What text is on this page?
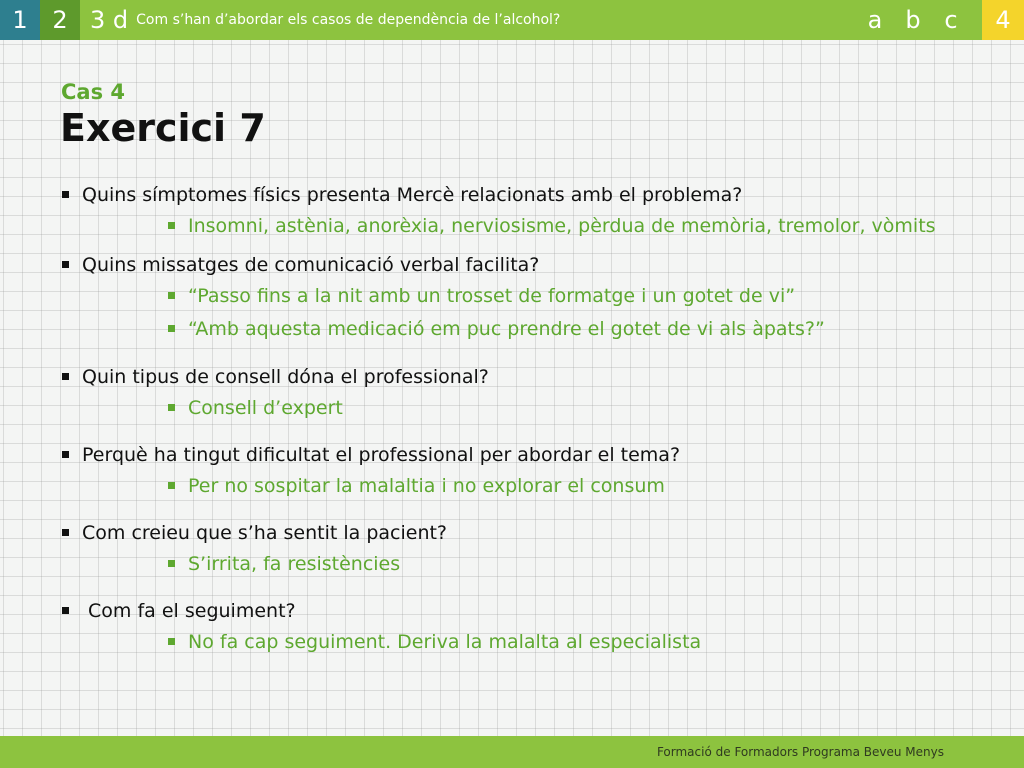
1	2 3 d Com s’han d’abordar els casos de dependència de l’alcohol?	a b c	4
Cas 4
Exercici 7
Quins símptomes físics presenta Mercè relacionats amb el problema?
Insomni, astènia, anorèxia, nerviosisme, pèrdua de memòria, tremolor, vòmits
Quins missatges de comunicació verbal facilita?
“Passo fins a la nit amb un trosset de formatge i un gotet de vi”
“Amb aquesta medicació em puc prendre el gotet de vi als àpats?”
Quin tipus de consell dóna el professional?
Consell d’expert
Perquè ha tingut dificultat el professional per abordar el tema?
Per no sospitar la malaltia i no explorar el consum
Com creieu que s’ha sentit la pacient?
S’irrita, fa resistències
Com fa el seguiment?
No fa cap seguiment. Deriva la malalta al especialista
Formació de Formadors Programa Beveu Menys
